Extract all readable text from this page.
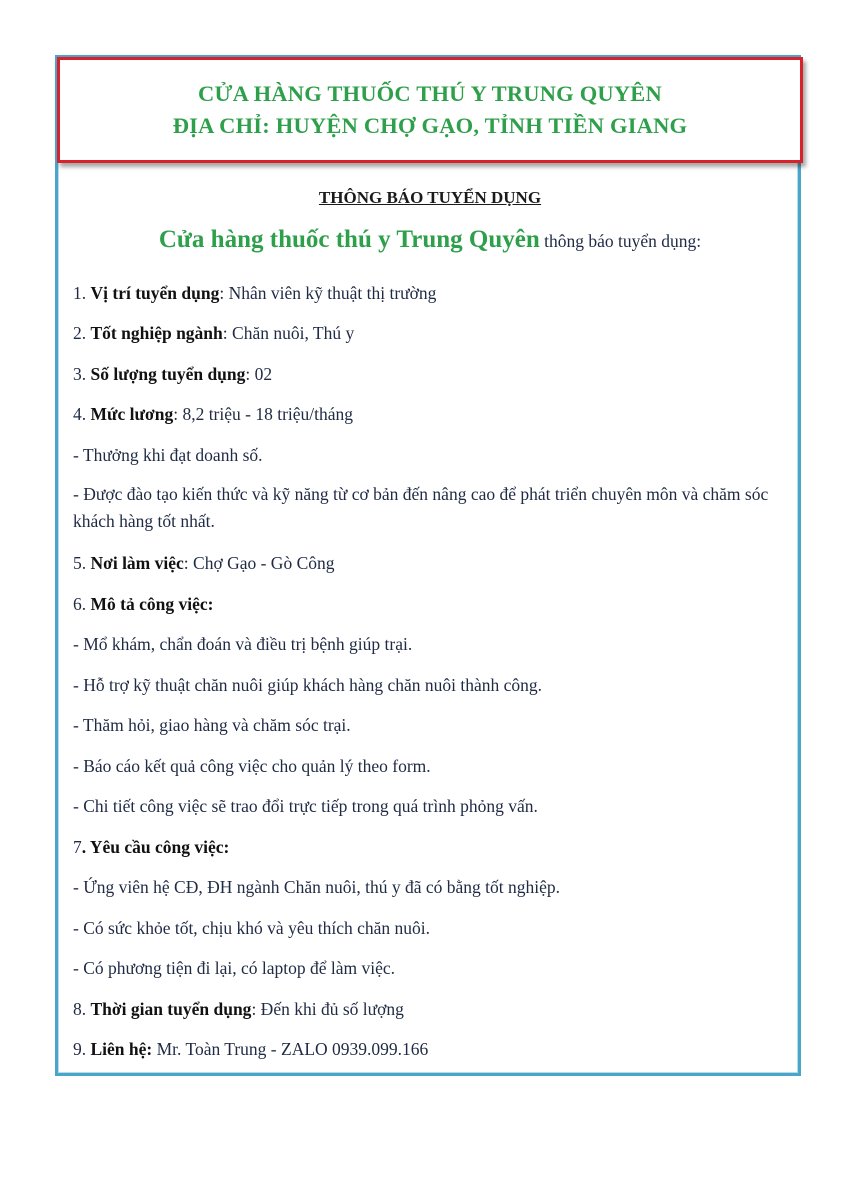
CỬA HÀNG THUỐC THÚ Y TRUNG QUYÊN
ĐỊA CHỈ: HUYỆN CHỢ GẠO, TỈNH TIỀN GIANG
THÔNG BÁO TUYỂN DỤNG
Cửa hàng thuốc thú y Trung Quyên thông báo tuyển dụng:
1. Vị trí tuyển dụng: Nhân viên kỹ thuật thị trường
2. Tốt nghiệp ngành: Chăn nuôi, Thú y
3. Số lượng tuyển dụng: 02
4. Mức lương: 8,2 triệu - 18 triệu/tháng
- Thưởng khi đạt doanh số.
- Được đào tạo kiến thức và kỹ năng từ cơ bản đến nâng cao để phát triển chuyên môn và chăm sóc khách hàng tốt nhất.
5. Nơi làm việc: Chợ Gạo - Gò Công
6. Mô tả công việc:
- Mổ khám, chẩn đoán và điều trị bệnh giúp trại.
- Hỗ trợ kỹ thuật chăn nuôi giúp khách hàng chăn nuôi thành công.
- Thăm hỏi, giao hàng và chăm sóc trại.
- Báo cáo kết quả công việc cho quản lý theo form.
- Chi tiết công việc sẽ trao đổi trực tiếp trong quá trình phỏng vấn.
7. Yêu cầu công việc:
- Ứng viên hệ CĐ, ĐH ngành Chăn nuôi, thú y đã có bằng tốt nghiệp.
- Có sức khỏe tốt, chịu khó và yêu thích chăn nuôi.
- Có phương tiện đi lại, có laptop để làm việc.
8. Thời gian tuyển dụng: Đến khi đủ số lượng
9. Liên hệ: Mr. Toàn Trung - ZALO 0939.099.166
